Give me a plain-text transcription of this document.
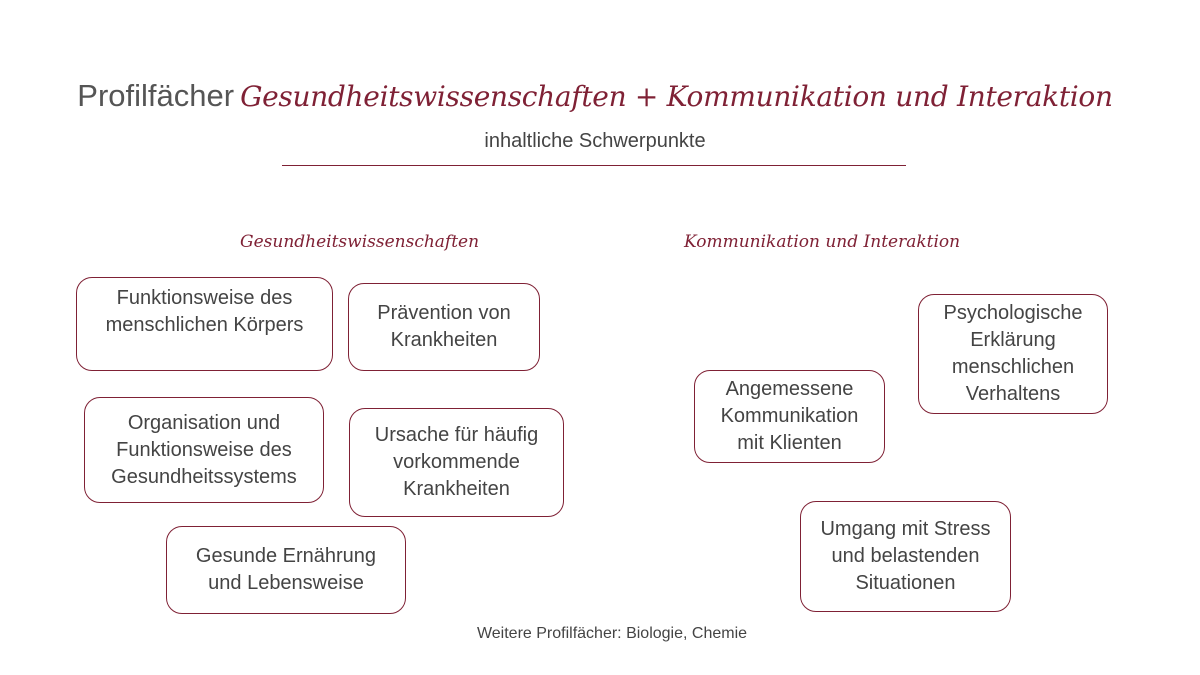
Profilfächer Gesundheitswissenschaften + Kommunikation und Interaktion
inhaltliche Schwerpunkte
Gesundheitswissenschaften	Kommunikation und Interaktion
Funktionsweise des
menschlichen Körpers
Prävention von
Krankheiten
Organisation und
Funktionsweise des
Gesundheitssystems
Ursache für häufig
vorkommende
Krankheiten
Gesunde Ernährung
und Lebensweise
Psychologische
Erklärung
menschlichen
Verhaltens
Angemessene
Kommunikation
mit Klienten
Umgang mit Stress
und belastenden
Situationen
Weitere Profilfächer: Biologie, Chemie
